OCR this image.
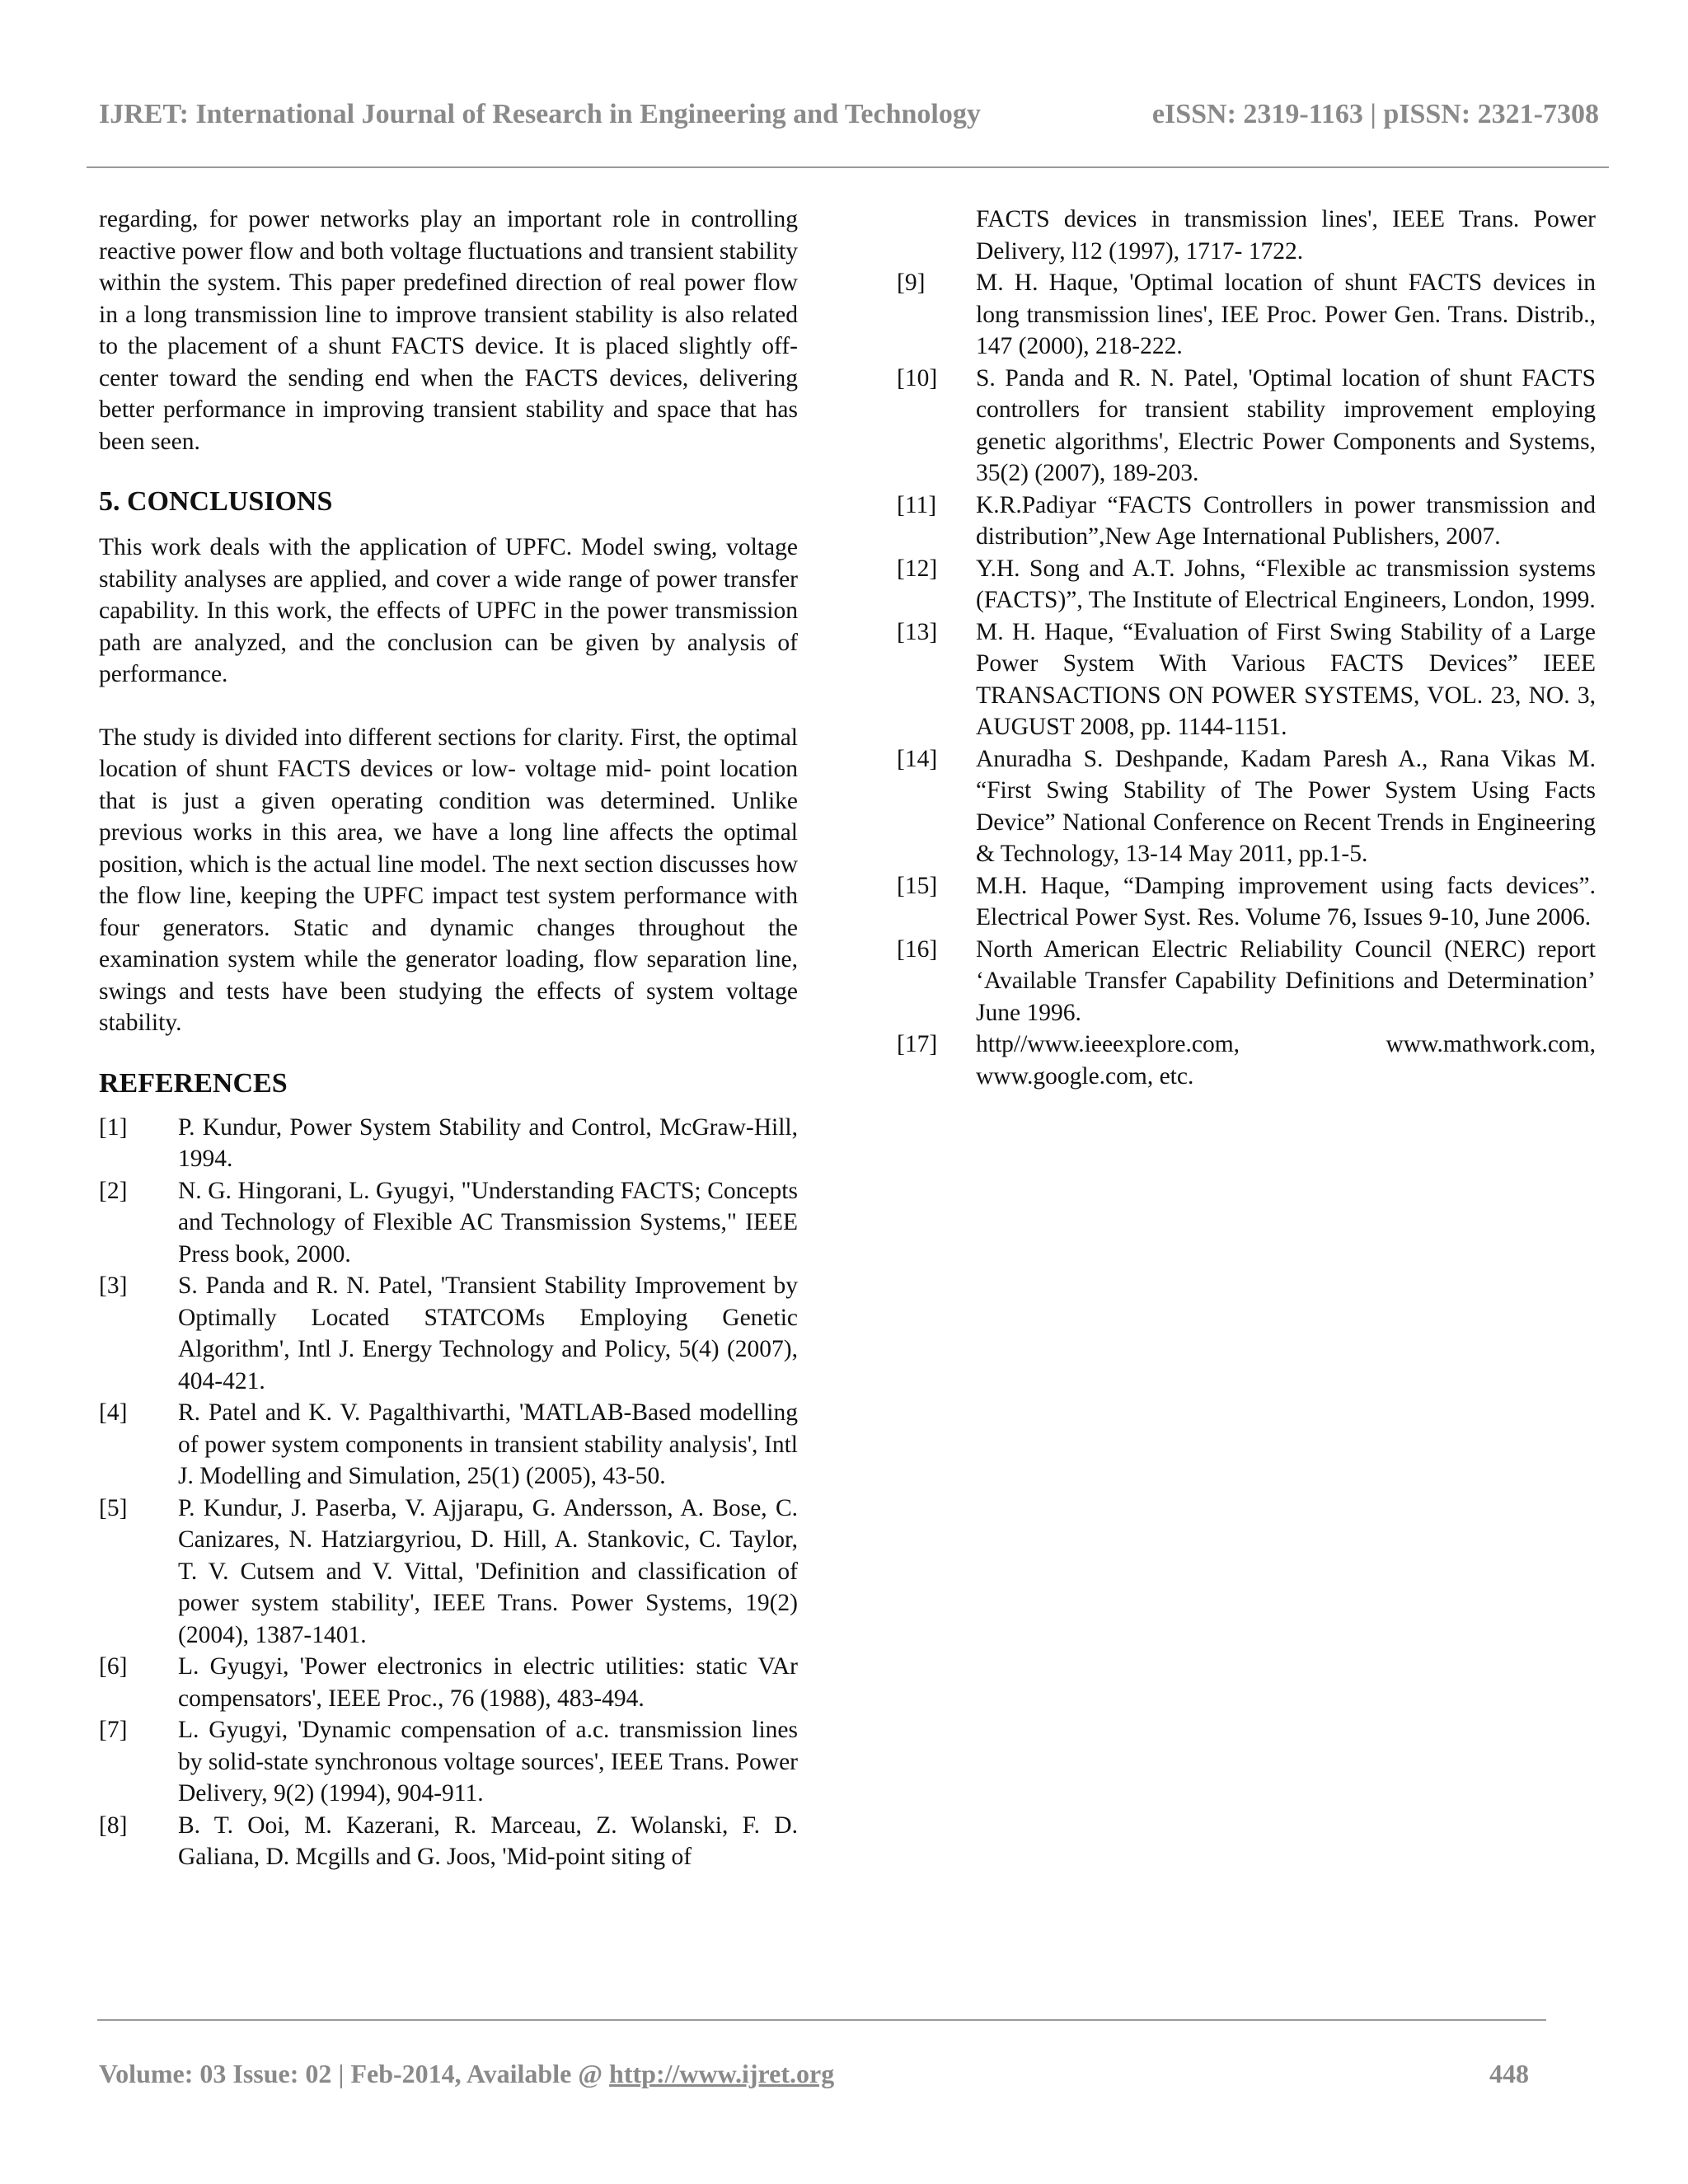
IJRET: International Journal of Research in Engineering and Technology	eISSN: 2319-1163 | pISSN: 2321-7308

regarding, for power networks play an important role in controlling reactive power flow and both voltage fluctuations and transient stability within the system. This paper predefined direction of real power flow in a long transmission line to improve transient stability is also related to the placement of a shunt FACTS device. It is placed slightly off-center toward the sending end when the FACTS devices, delivering better performance in improving transient stability and space that has been seen.

5. CONCLUSIONS

This work deals with the application of UPFC. Model swing, voltage stability analyses are applied, and cover a wide range of power transfer capability. In this work, the effects of UPFC in the power transmission path are analyzed, and the conclusion can be given by analysis of performance.

The study is divided into different sections for clarity. First, the optimal location of shunt FACTS devices or low- voltage mid- point location that is just a given operating condition was determined. Unlike previous works in this area, we have a long line affects the optimal position, which is the actual line model. The next section discusses how the flow line, keeping the UPFC impact test system performance with four generators. Static and dynamic changes throughout the examination system while the generator loading, flow separation line, swings and tests have been studying the effects of system voltage stability.

REFERENCES
[1]	P. Kundur, Power System Stability and Control, McGraw-Hill, 1994.
[2]	N. G. Hingorani, L. Gyugyi, "Understanding FACTS; Concepts and Technology of Flexible AC Transmission Systems," IEEE Press book, 2000.
[3]	S. Panda and R. N. Patel, 'Transient Stability Improvement by Optimally Located STATCOMs Employing Genetic Algorithm', Intl J. Energy Technology and Policy, 5(4) (2007), 404-421.
[4]	R. Patel and K. V. Pagalthivarthi, 'MATLAB-Based modelling of power system components in transient stability analysis', Intl J. Modelling and Simulation, 25(1) (2005), 43-50.
[5]	P. Kundur, J. Paserba, V. Ajjarapu, G. Andersson, A. Bose, C. Canizares, N. Hatziargyriou, D. Hill, A. Stankovic, C. Taylor, T. V. Cutsem and V. Vittal, 'Definition and classification of power system stability', IEEE Trans. Power Systems, 19(2) (2004), 1387-1401.
[6]	L. Gyugyi, 'Power electronics in electric utilities: static VAr compensators', IEEE Proc., 76 (1988), 483-494.
[7]	L. Gyugyi, 'Dynamic compensation of a.c. transmission lines by solid-state synchronous voltage sources', IEEE Trans. Power Delivery, 9(2) (1994), 904-911.
[8]	B. T. Ooi, M. Kazerani, R. Marceau, Z. Wolanski, F. D. Galiana, D. Mcgills and G. Joos, 'Mid-point siting of
FACTS devices in transmission lines', IEEE Trans. Power Delivery, l12 (1997), 1717- 1722.
[9]	M. H. Haque, 'Optimal location of shunt FACTS devices in long transmission lines', IEE Proc. Power Gen. Trans. Distrib., 147 (2000), 218-222.
[10]	S. Panda and R. N. Patel, 'Optimal location of shunt FACTS controllers for transient stability improvement employing genetic algorithms', Electric Power Components and Systems, 35(2) (2007), 189-203.
[11]	K.R.Padiyar “FACTS Controllers in power transmission and distribution”,New Age International Publishers, 2007.
[12]	Y.H. Song and A.T. Johns, “Flexible ac transmission systems (FACTS)”, The Institute of Electrical Engineers, London, 1999.
[13]	M. H. Haque, “Evaluation of First Swing Stability of a Large Power System With Various FACTS Devices” IEEE TRANSACTIONS ON POWER SYSTEMS, VOL. 23, NO. 3, AUGUST 2008, pp. 1144-1151.
[14]	Anuradha S. Deshpande, Kadam Paresh A., Rana Vikas M. “First Swing Stability of The Power System Using Facts Device” National Conference on Recent Trends in Engineering & Technology, 13-14 May 2011, pp.1-5.
[15]	M.H. Haque, “Damping improvement using facts devices”. Electrical Power Syst. Res. Volume 76, Issues 9-10, June 2006.
[16]	North American Electric Reliability Council (NERC) report ‘Available Transfer Capability Definitions and Determination’ June 1996.
[17]	http//www.ieeexplore.com, www.mathwork.com, www.google.com, etc.
Volume: 03 Issue: 02 | Feb-2014, Available @ http://www.ijret.org	448
